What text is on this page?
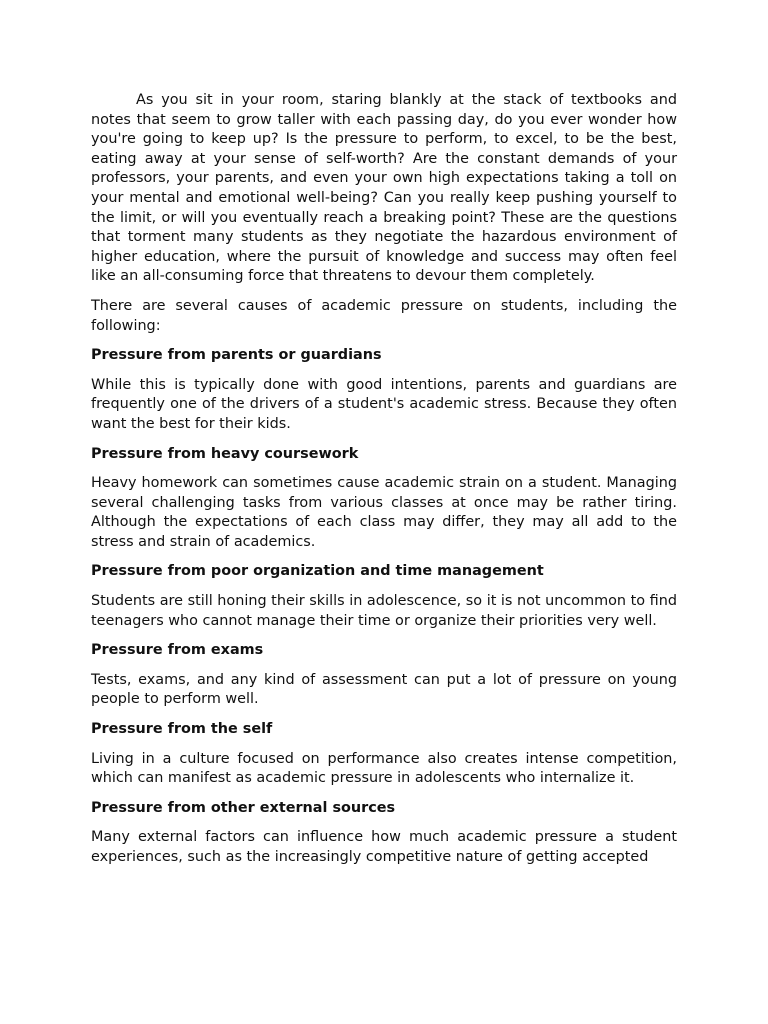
As you sit in your room, staring blankly at the stack of textbooks and notes that seem to grow taller with each passing day, do you ever wonder how you're going to keep up? Is the pressure to perform, to excel, to be the best, eating away at your sense of self-worth? Are the constant demands of your professors, your parents, and even your own high expectations taking a toll on your mental and emotional well-being? Can you really keep pushing yourself to the limit, or will you eventually reach a breaking point? These are the questions that torment many students as they negotiate the hazardous environment of higher education, where the pursuit of knowledge and success may often feel like an all-consuming force that threatens to devour them completely.

There are several causes of academic pressure on students, including the following:

Pressure from parents or guardians

While this is typically done with good intentions, parents and guardians are frequently one of the drivers of a student's academic stress. Because they often want the best for their kids.

Pressure from heavy coursework

Heavy homework can sometimes cause academic strain on a student. Managing several challenging tasks from various classes at once may be rather tiring. Although the expectations of each class may differ, they may all add to the stress and strain of academics.

Pressure from poor organization and time management

Students are still honing their skills in adolescence, so it is not uncommon to find teenagers who cannot manage their time or organize their priorities very well.

Pressure from exams

Tests, exams, and any kind of assessment can put a lot of pressure on young people to perform well.

Pressure from the self

Living in a culture focused on performance also creates intense competition, which can manifest as academic pressure in adolescents who internalize it.

Pressure from other external sources

Many external factors can influence how much academic pressure a student experiences, such as the increasingly competitive nature of getting accepted
